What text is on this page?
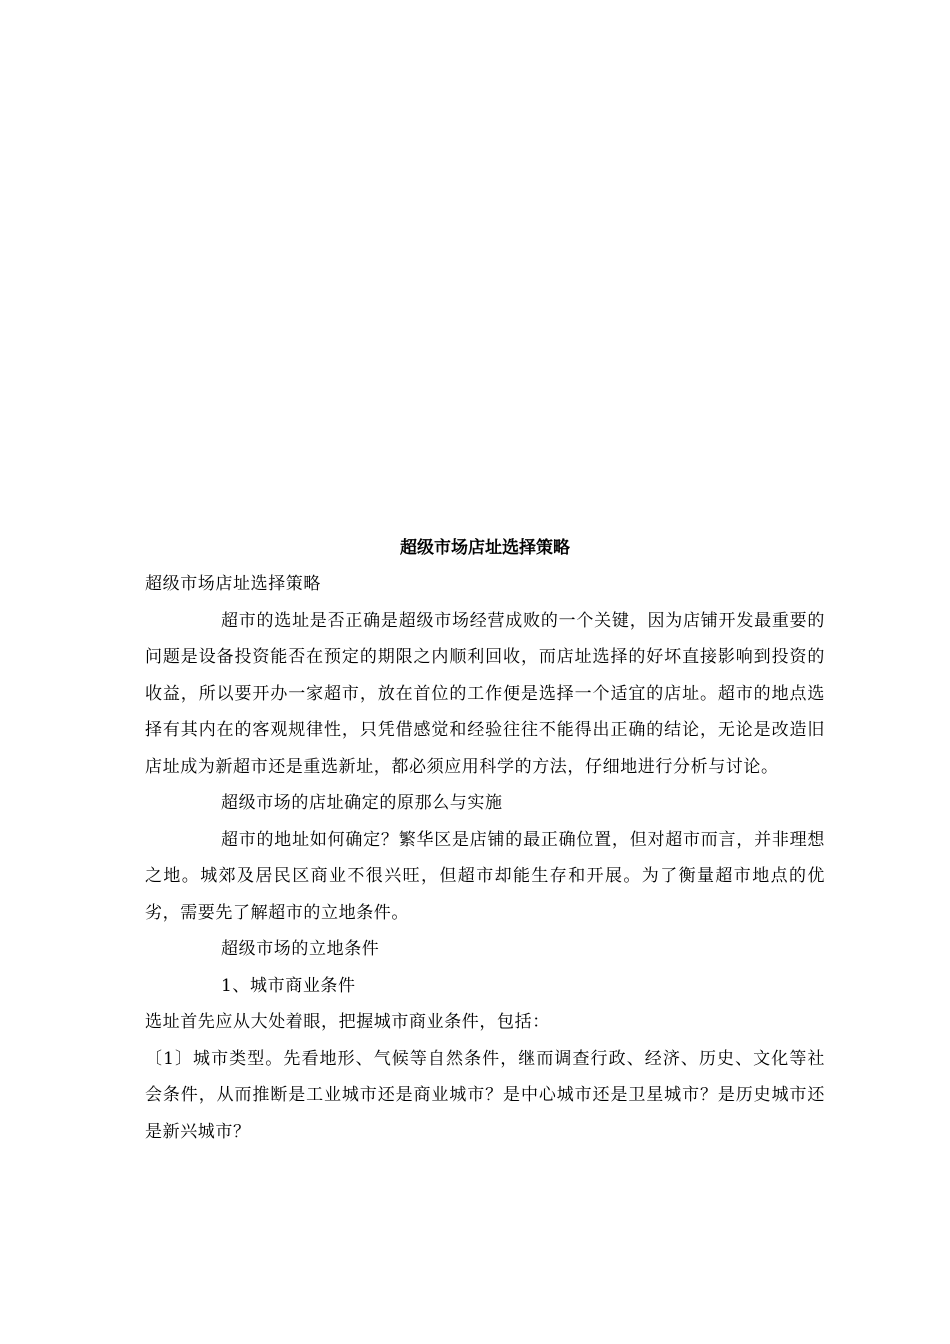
超级市场店址选择策略

超级市场店址选择策略

超市的选址是否正确是超级市场经营成败的一个关键，因为店铺开发最重要的问题是设备投资能否在预定的期限之内顺利回收，而店址选择的好坏直接影响到投资的收益，所以要开办一家超市，放在首位的工作便是选择一个适宜的店址。超市的地点选择有其内在的客观规律性，只凭借感觉和经验往往不能得出正确的结论，无论是改造旧店址成为新超市还是重选新址，都必须应用科学的方法，仔细地进行分析与讨论。

超级市场的店址确定的原那么与实施

超市的地址如何确定？繁华区是店铺的最正确位置，但对超市而言，并非理想之地。城郊及居民区商业不很兴旺，但超市却能生存和开展。为了衡量超市地点的优劣，需要先了解超市的立地条件。

超级市场的立地条件

1、城市商业条件

选址首先应从大处着眼，把握城市商业条件，包括：

〔1〕城市类型。先看地形、气候等自然条件，继而调查行政、经济、历史、文化等社会条件，从而推断是工业城市还是商业城市？是中心城市还是卫星城市？是历史城市还是新兴城市？
